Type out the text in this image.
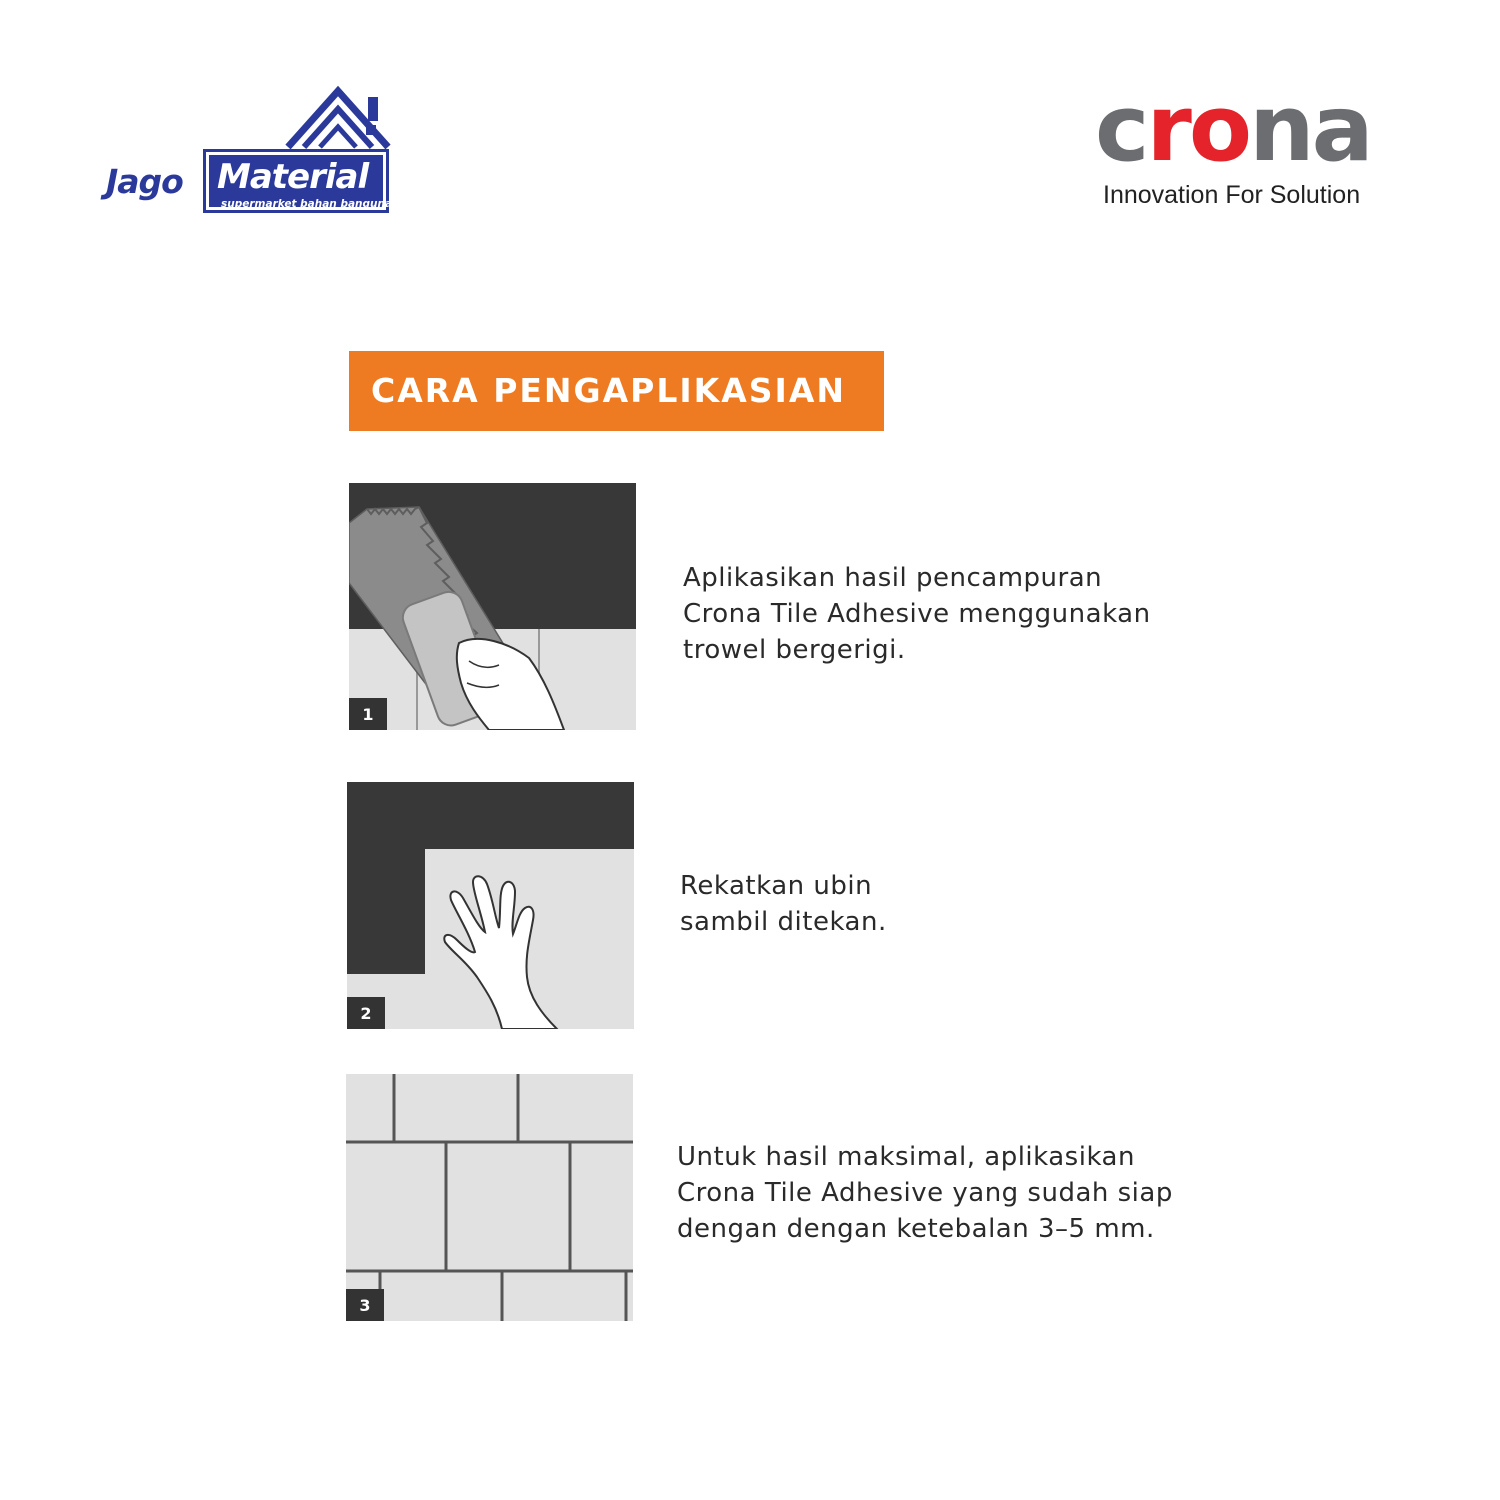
Jago Material
supermarket bahan bangunan
crona
Innovation For Solution
CARA PENGAPLIKASIAN
1
Aplikasikan hasil pencampuran
Crona Tile Adhesive menggunakan
trowel bergerigi.
2
Rekatkan ubin
sambil ditekan.
3
Untuk hasil maksimal, aplikasikan
Crona Tile Adhesive yang sudah siap
dengan dengan ketebalan 3–5 mm.
